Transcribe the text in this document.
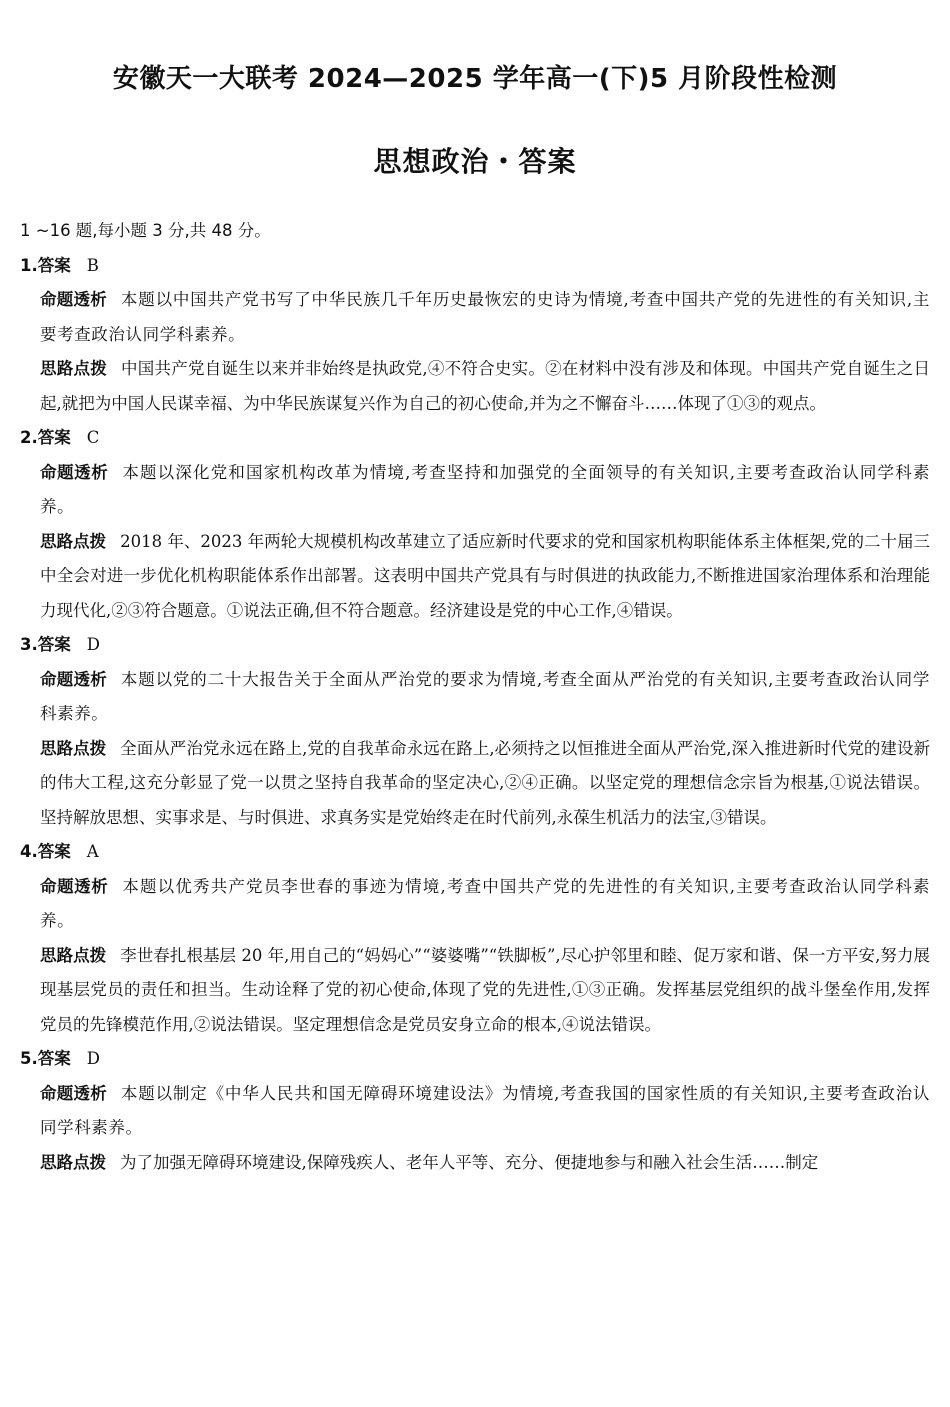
安徽天一大联考 2024—2025 学年高一(下)5 月阶段性检测
思想政治・答案
1 ~16 题,每小题 3 分,共 48 分。
1.答案 B
命题透析 本题以中国共产党书写了中华民族几千年历史最恢宏的史诗为情境,考查中国共产党的先进性的有关知识,主要考查政治认同学科素养。
思路点拨 中国共产党自诞生以来并非始终是执政党,④不符合史实。②在材料中没有涉及和体现。中国共产党自诞生之日起,就把为中国人民谋幸福、为中华民族谋复兴作为自己的初心使命,并为之不懈奋斗……体现了①③的观点。
2.答案 C
命题透析 本题以深化党和国家机构改革为情境,考查坚持和加强党的全面领导的有关知识,主要考查政治认同学科素养。
思路点拨 2018 年、2023 年两轮大规模机构改革建立了适应新时代要求的党和国家机构职能体系主体框架,党的二十届三中全会对进一步优化机构职能体系作出部署。这表明中国共产党具有与时俱进的执政能力,不断推进国家治理体系和治理能力现代化,②③符合题意。①说法正确,但不符合题意。经济建设是党的中心工作,④错误。
3.答案 D
命题透析 本题以党的二十大报告关于全面从严治党的要求为情境,考查全面从严治党的有关知识,主要考查政治认同学科素养。
思路点拨 全面从严治党永远在路上,党的自我革命永远在路上,必须持之以恒推进全面从严治党,深入推进新时代党的建设新的伟大工程,这充分彰显了党一以贯之坚持自我革命的坚定决心,②④正确。以坚定党的理想信念宗旨为根基,①说法错误。坚持解放思想、实事求是、与时俱进、求真务实是党始终走在时代前列,永葆生机活力的法宝,③错误。
4.答案 A
命题透析 本题以优秀共产党员李世春的事迹为情境,考查中国共产党的先进性的有关知识,主要考查政治认同学科素养。
思路点拨 李世春扎根基层 20 年,用自己的“妈妈心”“婆婆嘴”“铁脚板”,尽心护邻里和睦、促万家和谐、保一方平安,努力展现基层党员的责任和担当。生动诠释了党的初心使命,体现了党的先进性,①③正确。发挥基层党组织的战斗堡垒作用,发挥党员的先锋模范作用,②说法错误。坚定理想信念是党员安身立命的根本,④说法错误。
5.答案 D
命题透析 本题以制定《中华人民共和国无障碍环境建设法》为情境,考查我国的国家性质的有关知识,主要考查政治认同学科素养。
思路点拨 为了加强无障碍环境建设,保障残疾人、老年人平等、充分、便捷地参与和融入社会生活……制定
